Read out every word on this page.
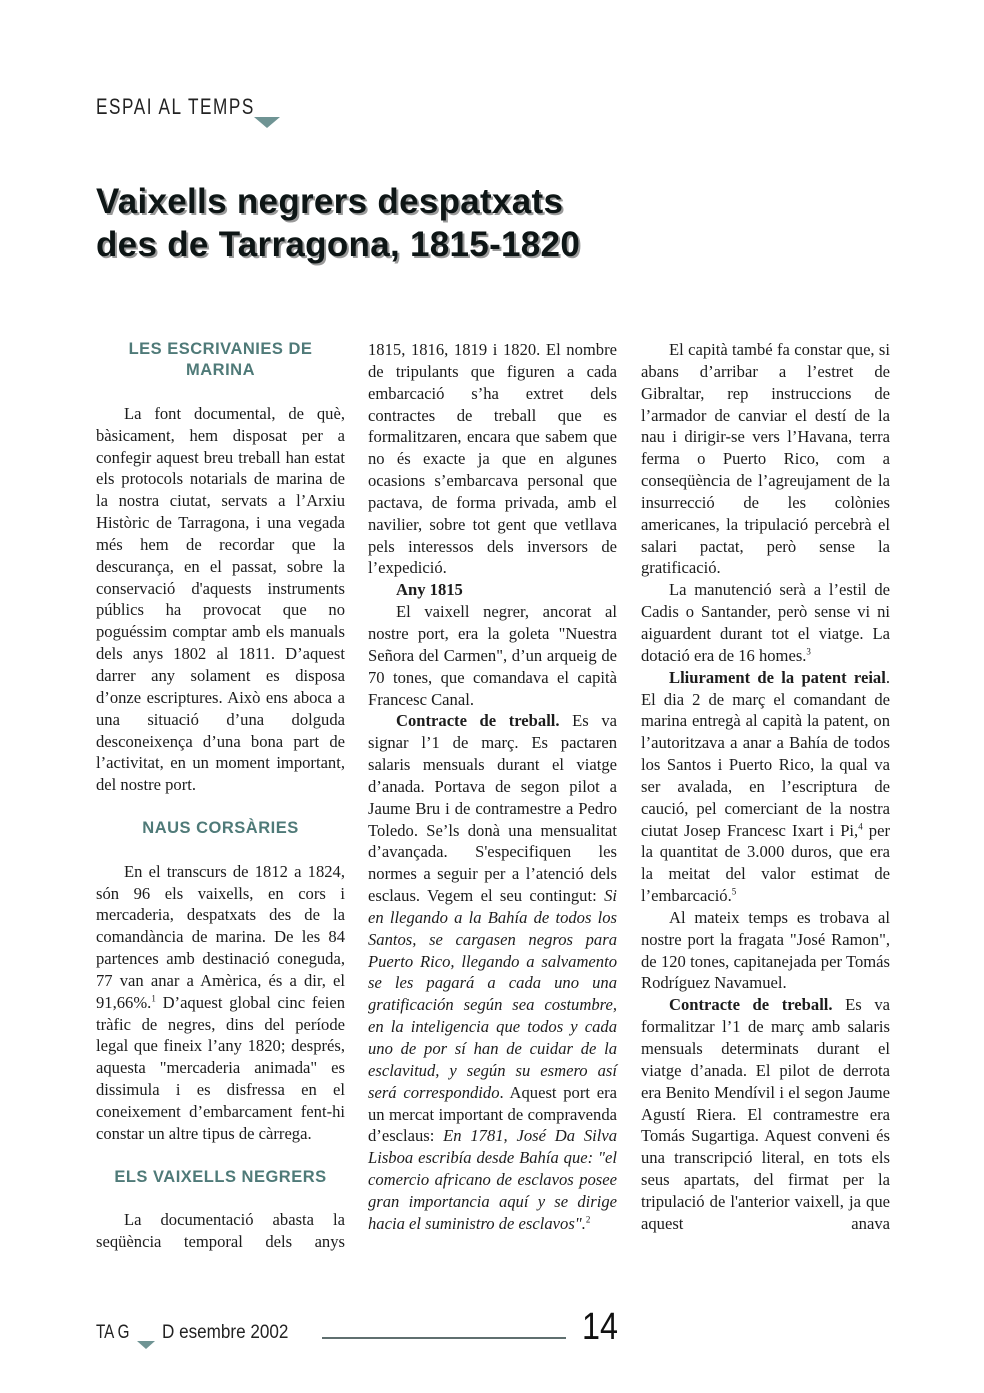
ESPAI AL TEMPS
Vaixells negrers despatxats
des de Tarragona, 1815-1820
LES ESCRIVANIES DE MARINA

La font documental, de què, bàsicament, hem disposat per a confegir aquest breu treball han estat els protocols notarials de marina de la nostra ciutat, servats a l’Arxiu Històric de Tarragona, i una vegada més hem de recordar que la descurança, en el passat, sobre la conservació d'aquests instruments públics ha provocat que no poguéssim comptar amb els manuals dels anys 1802 al 1811. D’aquest darrer any solament es disposa d’onze escriptures. Això ens aboca a una situació d’una dolguda desconeixença d’una bona part de l’activitat, en un moment important, del nostre port.

NAUS CORSÀRIES

En el transcurs de 1812 a 1824, són 96 els vaixells, en cors i mercaderia, despatxats des de la comandància de marina. De les 84 partences amb destinació coneguda, 77 van anar a Amèrica, és a dir, el 91,66%.$^1$ D’aquest global cinc feien tràfic de negres, dins del període legal que fineix l’any 1820; després, aquesta "mercaderia animada" es dissimula i es disfressa en el coneixement d’embarcament fent-hi constar un altre tipus de càrrega.

ELS VAIXELLS NEGRERS

La documentació abasta la seqüència temporal dels anys

1815, 1816, 1819 i 1820. El nombre de tripulants que figuren a cada embarcació s’ha extret dels contractes de treball que es formalitzaren, encara que sabem que no és exacte ja que en algunes ocasions s’embarcava personal que pactava, de forma privada, amb el navilier, sobre tot gent que vetllava pels interessos dels inversors de l’expedició.

Any 1815

El vaixell negrer, ancorat al nostre port, era la goleta "Nuestra Señora del Carmen", d’un arqueig de 70 tones, que comandava el capità Francesc Canal.

Contracte de treball. Es va signar l’1 de març. Es pactaren salaris mensuals durant el viatge d’anada. Portava de segon pilot a Jaume Bru i de contramestre a Pedro Toledo. Se’ls donà una mensualitat d’avançada. S'especifiquen les normes a seguir per a l’atenció dels esclaus. Vegem el seu contingut: Si en llegando a la Bahía de todos los Santos, se cargasen negros para Puerto Rico, llegando a salvamento se les pagará a cada uno una gratificación según sea costumbre, en la inteligencia que todos y cada uno de por sí han de cuidar de la esclavitud, y según su esmero así será correspondido. Aquest port era un mercat important de compravenda d’esclaus: En 1781, José Da Silva Lisboa escribía desde Bahía que: "el comercio africano de esclavos posee gran importancia aquí y se dirige hacia el suministro de esclavos".$^2$

El capità també fa constar que, si abans d’arribar a l’estret de Gibraltar, rep instruccions de l’armador de canviar el destí de la nau i dirigir-se vers l’Havana, terra ferma o Puerto Rico, com a conseqüència de l’agreujament de la insurrecció de les colònies americanes, la tripulació percebrà el salari pactat, però sense la gratificació.

La manutenció serà a l’estil de Cadis o Santander, però sense vi ni aiguardent durant tot el viatge. La dotació era de 16 homes.$^3$

Lliurament de la patent reial. El dia 2 de març el comandant de marina entregà al capità la patent, on l’autoritzava a anar a Bahía de todos los Santos i Puerto Rico, la qual va ser avalada, en l’escriptura de caució, pel comerciant de la nostra ciutat Josep Francesc Ixart i Pi,$^4$ per la quantitat de 3.000 duros, que era la meitat del valor estimat de l’embarcació.$^5$

Al mateix temps es trobava al nostre port la fragata "José Ramon", de 120 tones, capitanejada per Tomás Rodríguez Navamuel.

Contracte de treball. Es va formalitzar l’1 de març amb salaris mensuals determinats durant el viatge d’anada. El pilot de derrota era Benito Mendívil i el segon Jaume Agustí Riera. El contramestre era Tomás Sugartiga. Aquest conveni és una transcripció literal, en tots els seus apartats, del firmat per la tripulació de l'anterior vaixell, ja que aquest anava

TA G D esembre 2002	14
